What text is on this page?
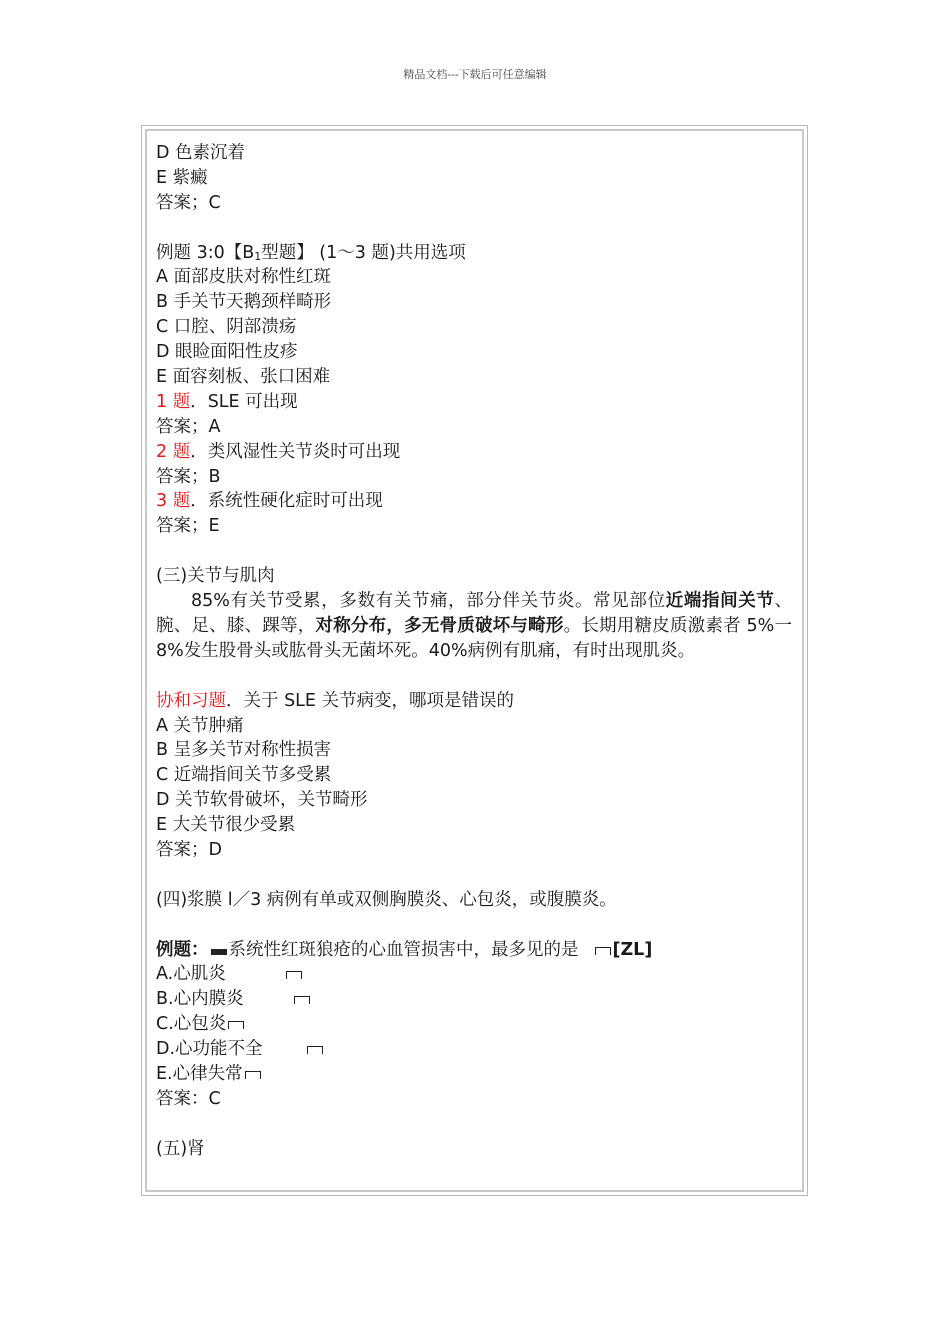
精品文档---下载后可任意编辑
D 色素沉着
E 紫癜
答案；C
例题 3:0【B1型题】 (1～3 题)共用选项
A 面部皮肤对称性红斑
B 手关节天鹅颈样畸形
C 口腔、阴部溃疡
D 眼睑面阳性皮疹
E 面容刻板、张口困难
1 题．SLE 可出现
答案；A
2 题．类风湿性关节炎时可出现
答案；B
3 题．系统性硬化症时可出现
答案；E
(三)关节与肌肉
85%有关节受累，多数有关节痛，部分伴关节炎。常见部位近端指间关节、腕、足、膝、踝等，对称分布，多无骨质破坏与畸形。长期用糖皮质激素者 5%一 8%发生股骨头或肱骨头无菌坏死。40%病例有肌痛，有时出现肌炎。
协和习题．关于 SLE 关节病变，哪项是错误的
A 关节肿痛
B 呈多关节对称性损害
C 近端指间关节多受累
D 关节软骨破坏，关节畸形
E 大关节很少受累
答案；D
(四)浆膜 l／3 病例有单或双侧胸膜炎、心包炎，或腹膜炎。
例题： 系统性红斑狼疮的心血管损害中，最多见的是 [ZL]
A.心肌炎
B.心内膜炎
C.心包炎
D.心功能不全
E.心律失常
答案：C
(五)肾
